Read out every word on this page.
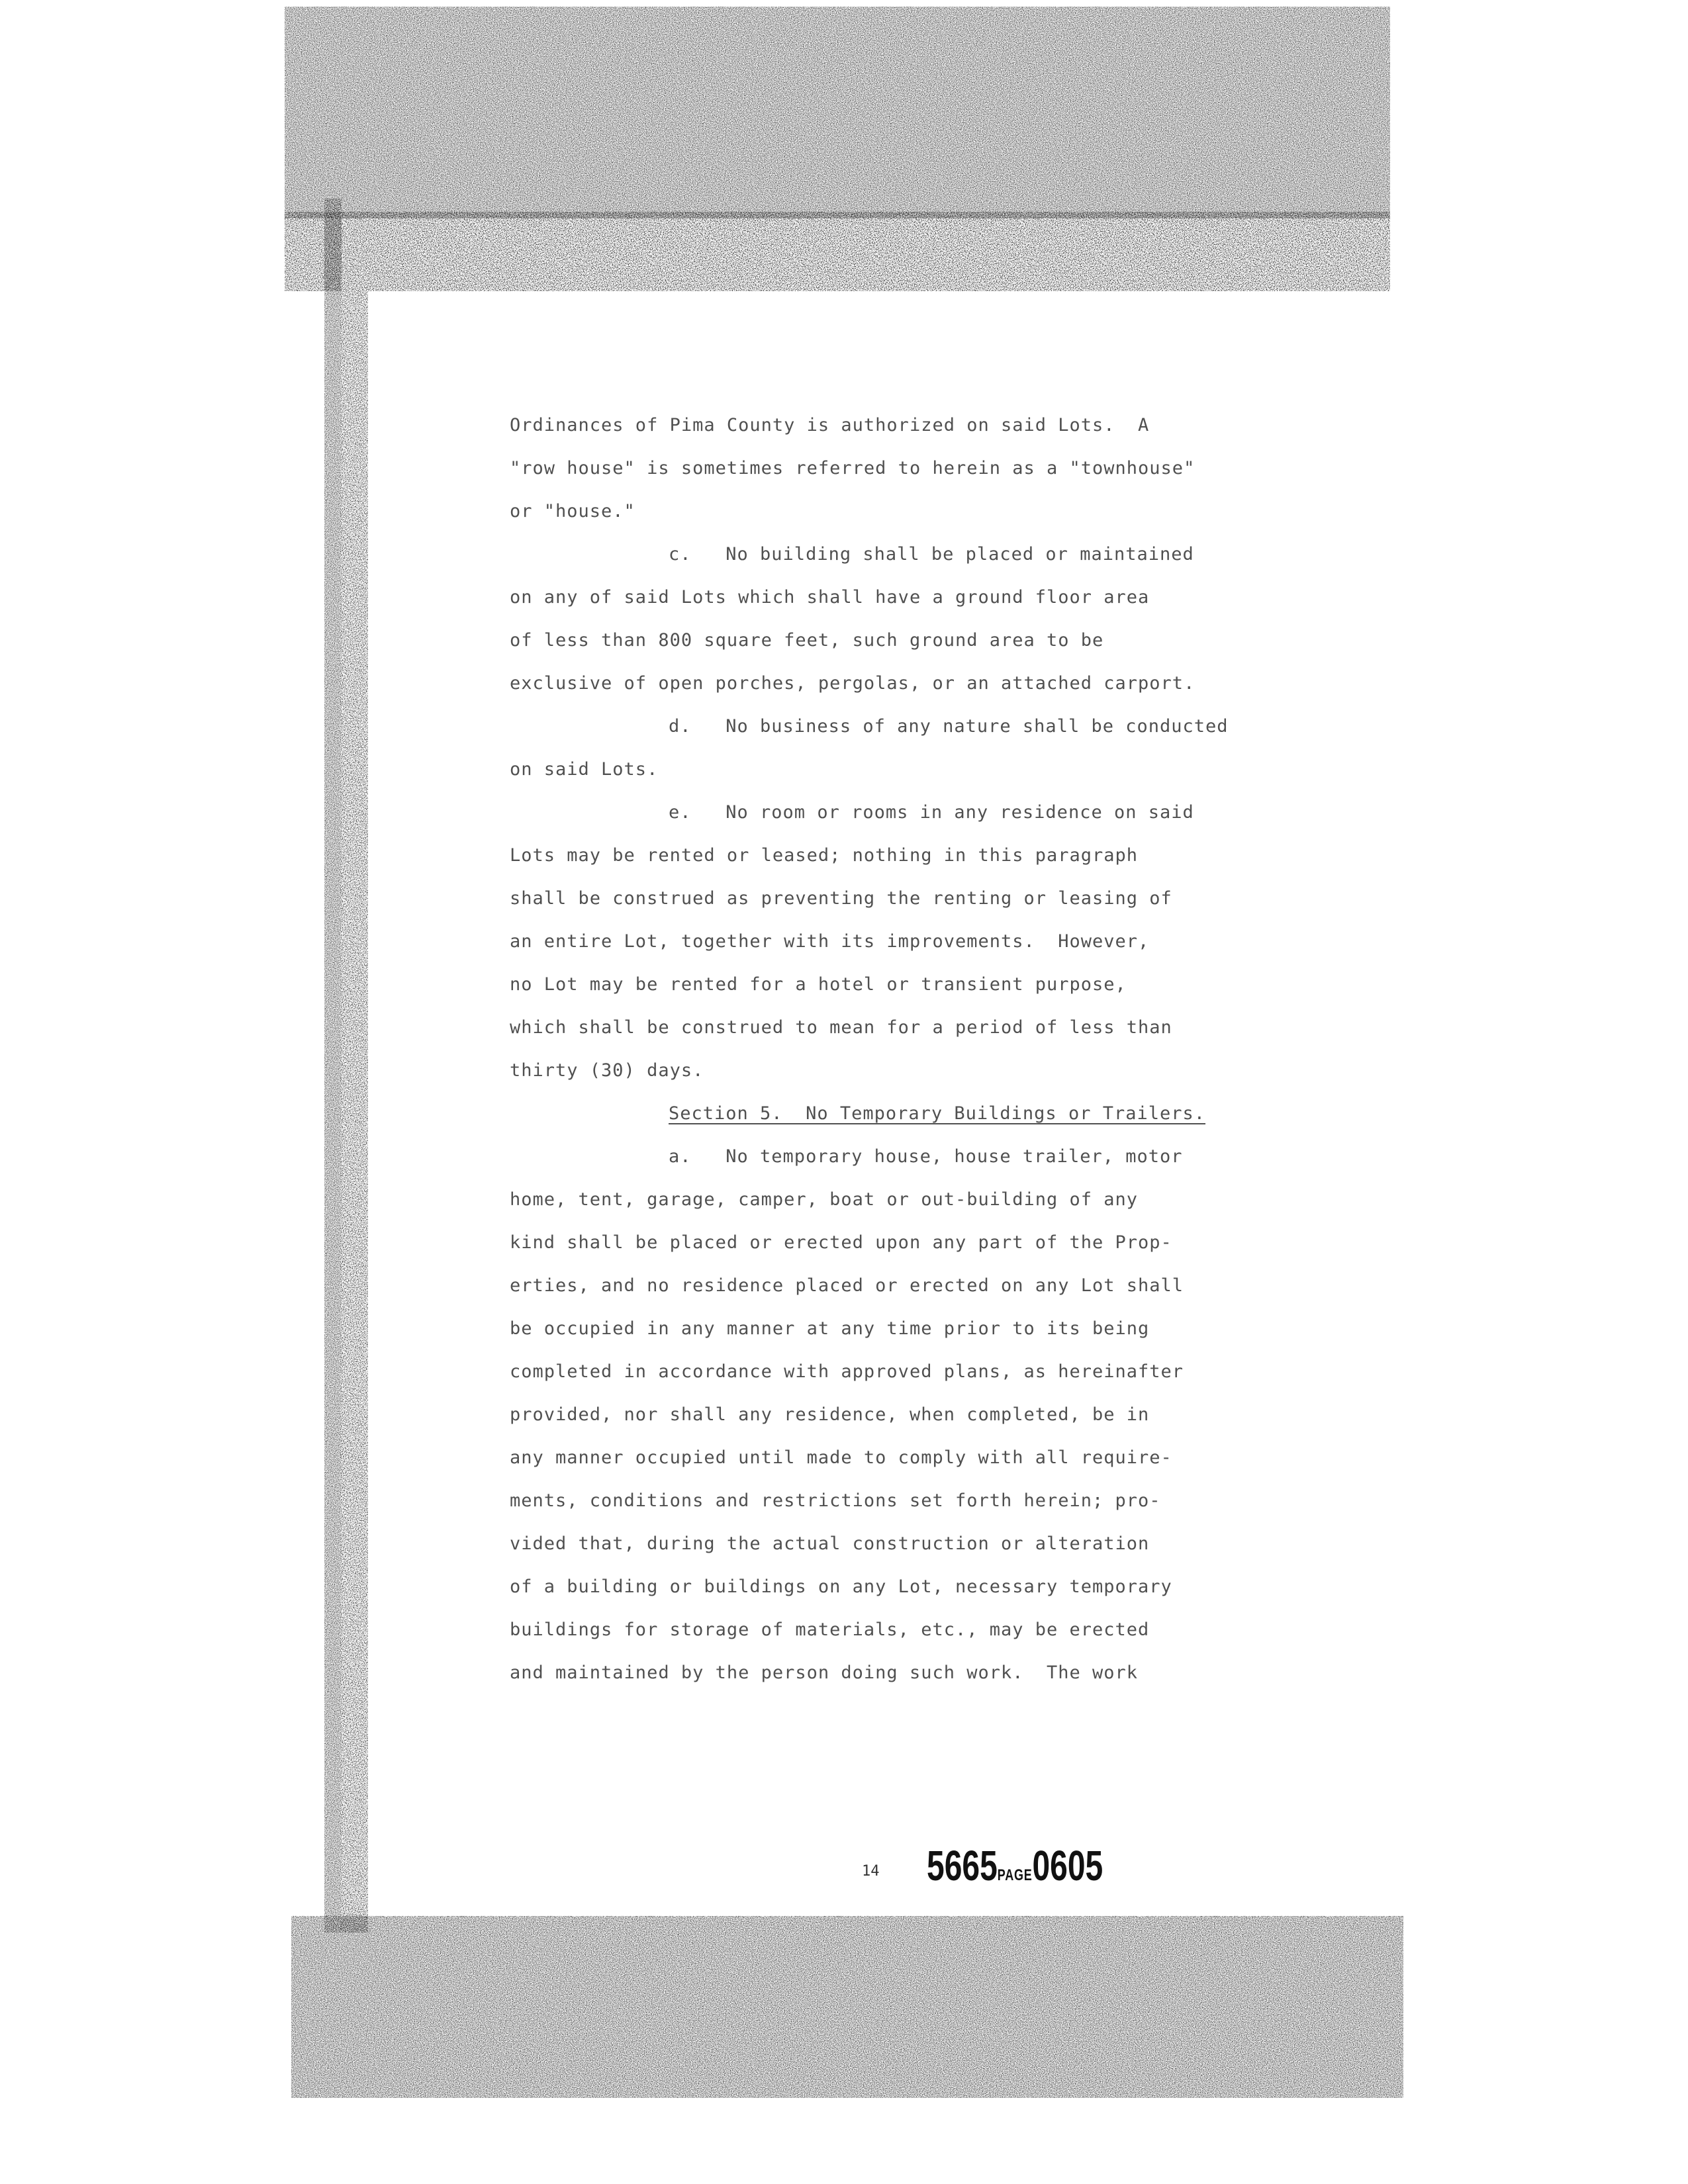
Ordinances of Pima County is authorized on said Lots.  A
"row house" is sometimes referred to herein as a "townhouse"
or "house."
c.   No building shall be placed or maintained
on any of said Lots which shall have a ground floor area
of less than 800 square feet, such ground area to be
exclusive of open porches, pergolas, or an attached carport.
d.   No business of any nature shall be conducted
on said Lots.
e.   No room or rooms in any residence on said
Lots may be rented or leased; nothing in this paragraph
shall be construed as preventing the renting or leasing of
an entire Lot, together with its improvements.  However,
no Lot may be rented for a hotel or transient purpose,
which shall be construed to mean for a period of less than
thirty (30) days.
Section 5.  No Temporary Buildings or Trailers.
a.   No temporary house, house trailer, motor
home, tent, garage, camper, boat or out-building of any
kind shall be placed or erected upon any part of the Prop-
erties, and no residence placed or erected on any Lot shall
be occupied in any manner at any time prior to its being
completed in accordance with approved plans, as hereinafter
provided, nor shall any residence, when completed, be in
any manner occupied until made to comply with all require-
ments, conditions and restrictions set forth herein; pro-
vided that, during the actual construction or alteration
of a building or buildings on any Lot, necessary temporary
buildings for storage of materials, etc., may be erected
and maintained by the person doing such work.  The work
14 5665PAGE0605
